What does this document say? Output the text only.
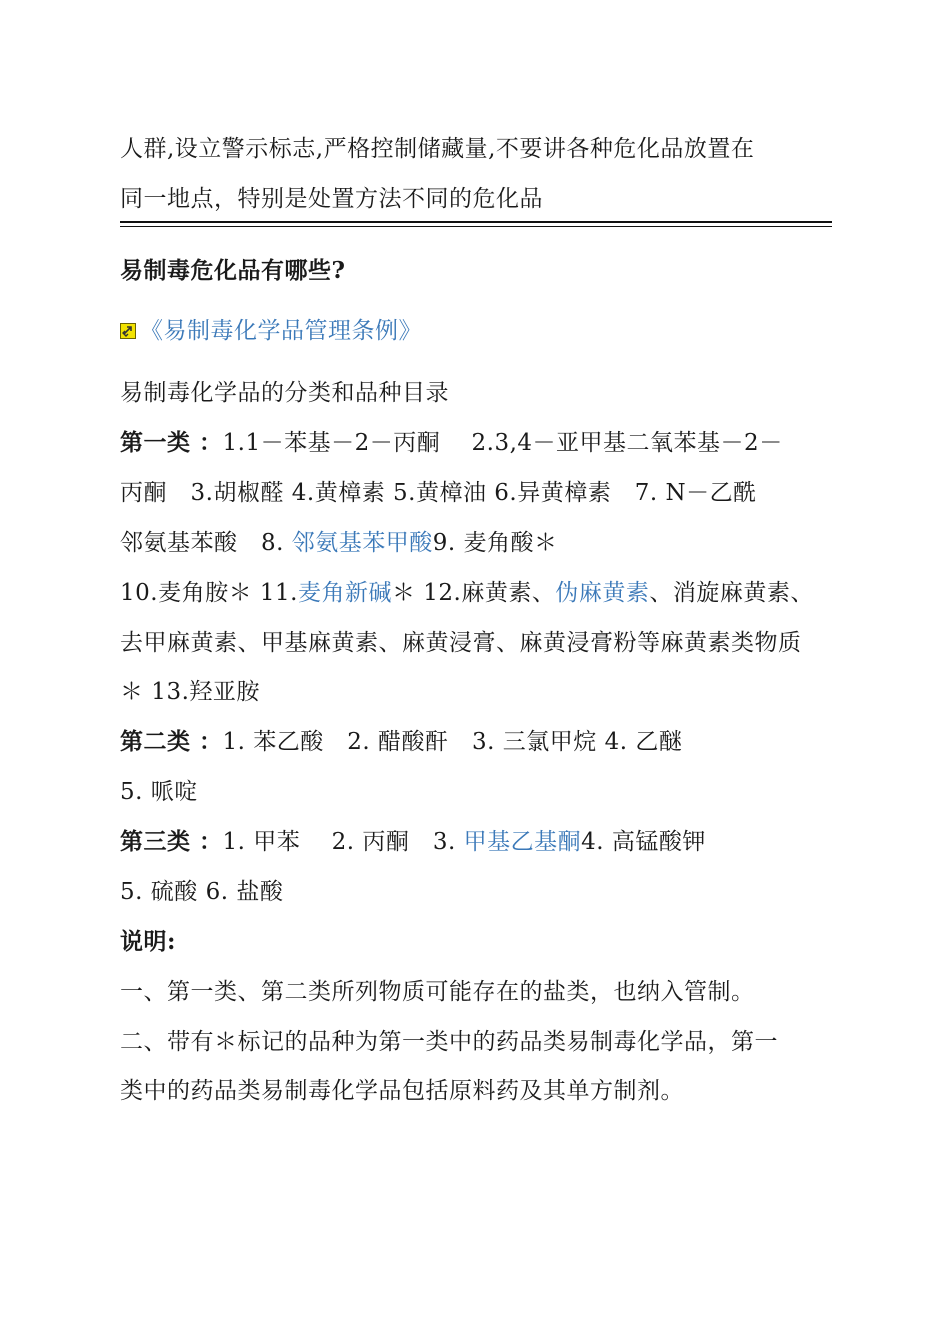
人群,设立警示标志,严格控制储藏量,不要讲各种危化品放置在
同一地点，特别是处置方法不同的危化品
易制毒危化品有哪些?
《易制毒化学品管理条例》
易制毒化学品的分类和品种目录
第一类 ：1.1－苯基－2－丙酮　 2.3,4－亚甲基二氧苯基－2－
丙酮　3.胡椒醛 4.黄樟素 5.黄樟油 6.异黄樟素　7. N－乙酰
邻氨基苯酸　8. 邻氨基苯甲酸9. 麦角酸＊
10.麦角胺＊ 11.麦角新碱＊ 12.麻黄素、伪麻黄素、消旋麻黄素、
去甲麻黄素、甲基麻黄素、麻黄浸膏、麻黄浸膏粉等麻黄素类物质
＊ 13.羟亚胺
第二类 ：1. 苯乙酸　2. 醋酸酐　3. 三氯甲烷 4. 乙醚
5. 哌啶
第三类 ：1. 甲苯　 2. 丙酮　3. 甲基乙基酮4. 高锰酸钾
5. 硫酸 6. 盐酸
说明:
一、第一类、第二类所列物质可能存在的盐类，也纳入管制。
二、带有＊标记的品种为第一类中的药品类易制毒化学品，第一
类中的药品类易制毒化学品包括原料药及其单方制剂。
